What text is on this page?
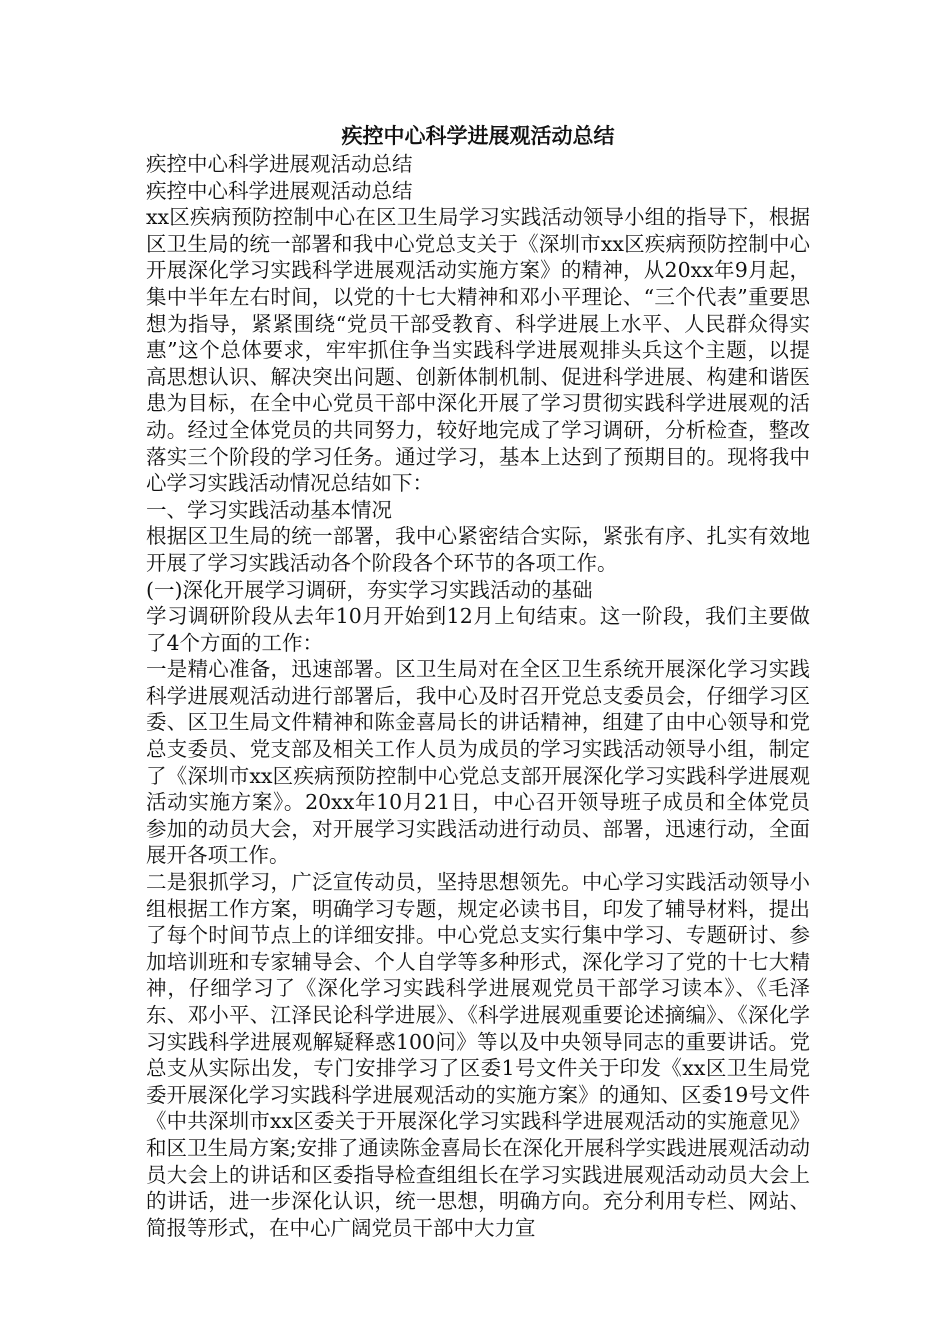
疾控中心科学进展观活动总结

疾控中心科学进展观活动总结

疾控中心科学进展观活动总结

xx区疾病预防控制中心在区卫生局学习实践活动领导小组的指导下，根据区卫生局的统一部署和我中心党总支关于《深圳市xx区疾病预防控制中心开展深化学习实践科学进展观活动实施方案》的精神，从20xx年9月起，集中半年左右时间，以党的十七大精神和邓小平理论、“三个代表”重要思想为指导，紧紧围绕“党员干部受教育、科学进展上水平、人民群众得实惠”这个总体要求，牢牢抓住争当实践科学进展观排头兵这个主题，以提高思想认识、解决突出问题、创新体制机制、促进科学进展、构建和谐医患为目标，在全中心党员干部中深化开展了学习贯彻实践科学进展观的活动。经过全体党员的共同努力，较好地完成了学习调研，分析检查，整改落实三个阶段的学习任务。通过学习，基本上达到了预期目的。现将我中心学习实践活动情况总结如下：

一、学习实践活动基本情况

根据区卫生局的统一部署，我中心紧密结合实际，紧张有序、扎实有效地开展了学习实践活动各个阶段各个环节的各项工作。

(一)深化开展学习调研，夯实学习实践活动的基础

学习调研阶段从去年10月开始到12月上旬结束。这一阶段，我们主要做了4个方面的工作：

一是精心准备，迅速部署。区卫生局对在全区卫生系统开展深化学习实践科学进展观活动进行部署后，我中心及时召开党总支委员会，仔细学习区委、区卫生局文件精神和陈金喜局长的讲话精神，组建了由中心领导和党总支委员、党支部及相关工作人员为成员的学习实践活动领导小组，制定了《深圳市xx区疾病预防控制中心党总支部开展深化学习实践科学进展观活动实施方案》。20xx年10月21日，中心召开领导班子成员和全体党员参加的动员大会，对开展学习实践活动进行动员、部署，迅速行动，全面展开各项工作。

二是狠抓学习，广泛宣传动员，坚持思想领先。中心学习实践活动领导小组根据工作方案，明确学习专题，规定必读书目，印发了辅导材料，提出了每个时间节点上的详细安排。中心党总支实行集中学习、专题研讨、参加培训班和专家辅导会、个人自学等多种形式，深化学习了党的十七大精神，仔细学习了《深化学习实践科学进展观党员干部学习读本》、《毛泽东、邓小平、江泽民论科学进展》、《科学进展观重要论述摘编》、《深化学习实践科学进展观解疑释惑100问》等以及中央领导同志的重要讲话。党总支从实际出发，专门安排学习了区委1号文件关于印发《xx区卫生局党委开展深化学习实践科学进展观活动的实施方案》的通知、区委19号文件《中共深圳市xx区委关于开展深化学习实践科学进展观活动的实施意见》和区卫生局方案;安排了通读陈金喜局长在深化开展科学实践进展观活动动员大会上的讲话和区委指导检查组组长在学习实践进展观活动动员大会上的讲话，进一步深化认识，统一思想，明确方向。充分利用专栏、网站、简报等形式，在中心广阔党员干部中大力宣
